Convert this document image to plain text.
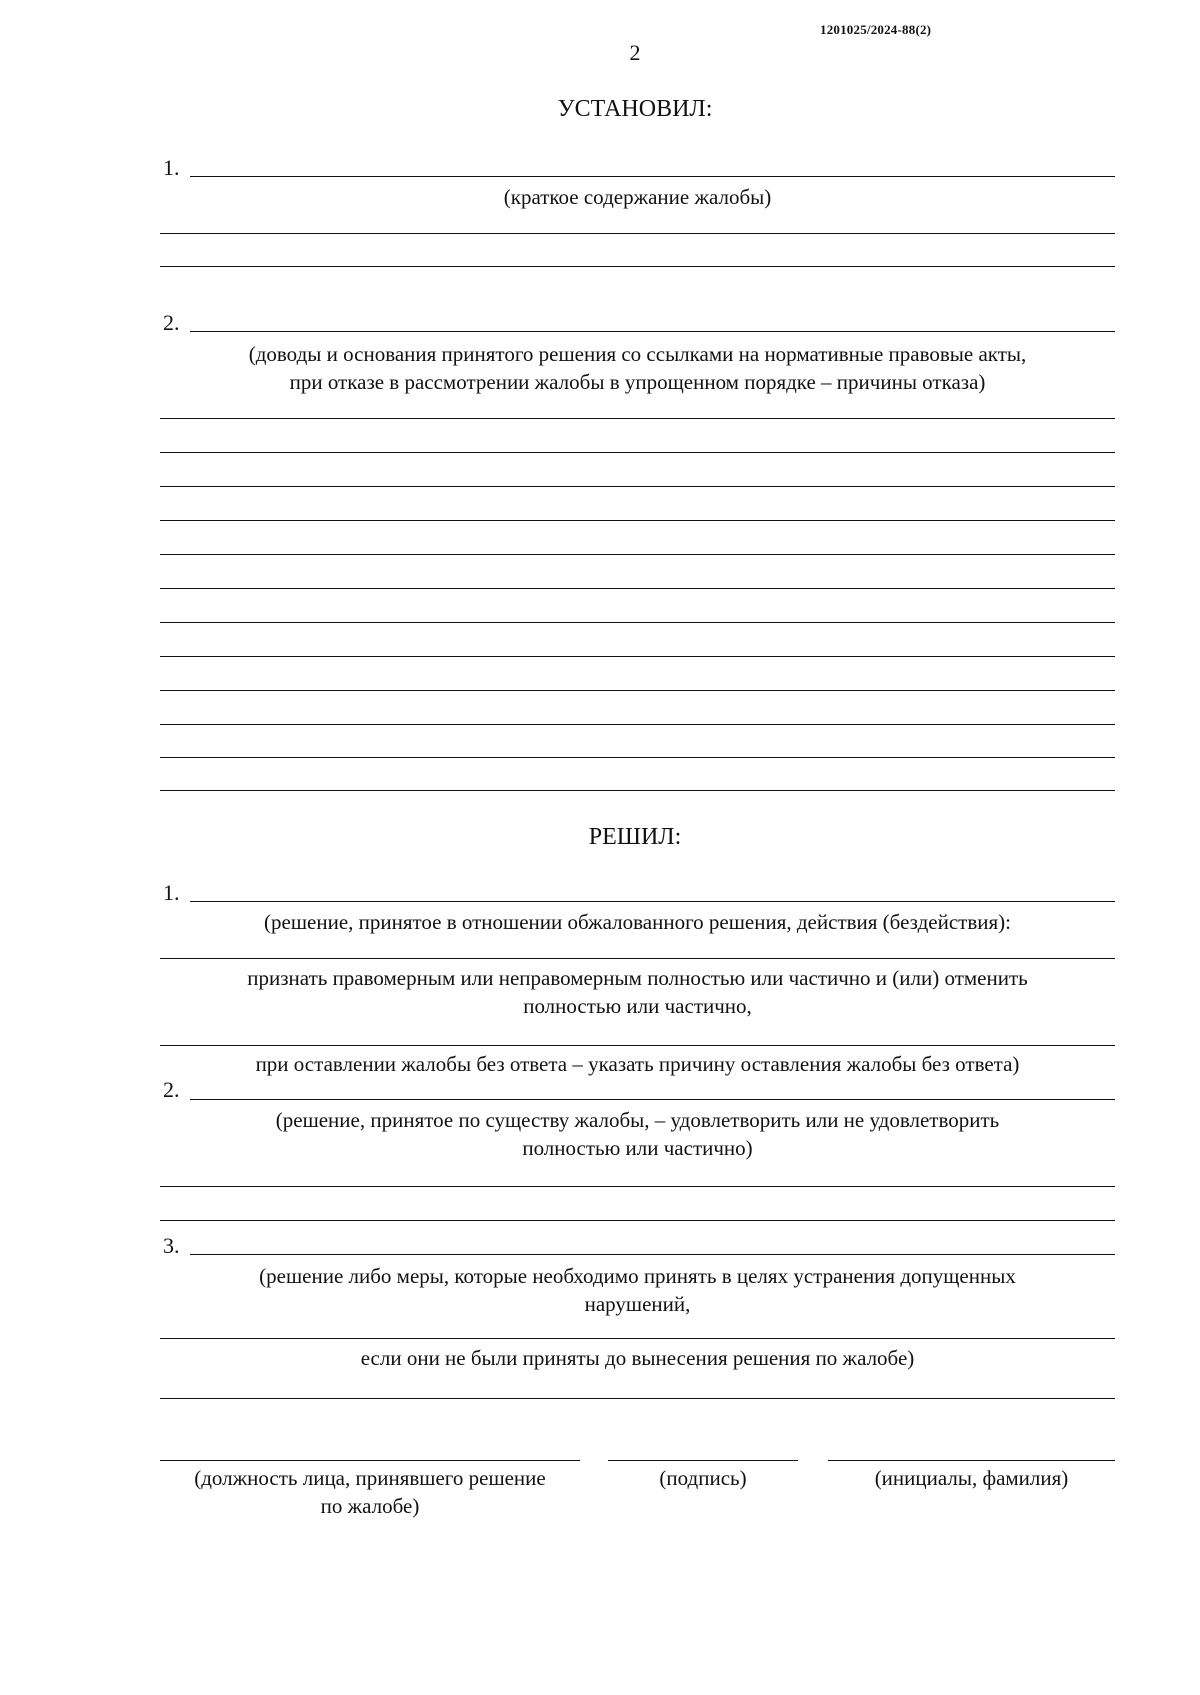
1201025/2024-88(2)
2
УСТАНОВИЛ:
1.
(краткое содержание жалобы)
2.
(доводы и основания принятого решения со ссылками на нормативные правовые акты,
при отказе в рассмотрении жалобы в упрощенном порядке – причины отказа)
РЕШИЛ:
1.
(решение, принятое в отношении обжалованного решения, действия (бездействия):
признать правомерным или неправомерным полностью или частично и (или) отменить
полностью или частично,
при оставлении жалобы без ответа – указать причину оставления жалобы без ответа)
2.
(решение, принятое по существу жалобы, – удовлетворить или не удовлетворить
полностью или частично)
3.
(решение либо меры, которые необходимо принять в целях устранения допущенных
нарушений,
если они не были приняты до вынесения решения по жалобе)
(должность лица, принявшего решение
по жалобе)
(подпись)	(инициалы, фамилия)
